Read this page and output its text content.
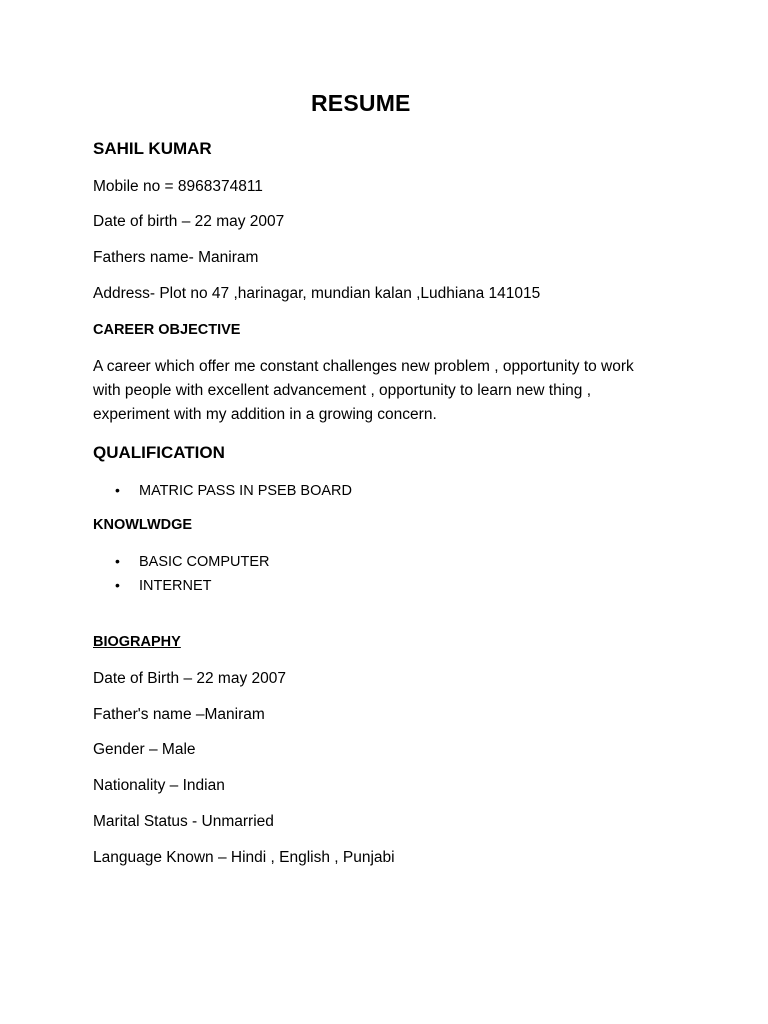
RESUME
SAHIL KUMAR
Mobile no = 8968374811
Date of birth – 22 may 2007
Fathers name- Maniram
Address- Plot no 47 ,harinagar, mundian kalan ,Ludhiana 141015
CAREER OBJECTIVE
A career which offer me constant challenges new problem , opportunity to work with people with excellent advancement , opportunity to learn new thing , experiment with my addition in a growing concern.
QUALIFICATION
• MATRIC PASS IN PSEB BOARD
KNOWLWDGE
• BASIC COMPUTER
• INTERNET
BIOGRAPHY
Date of Birth – 22 may 2007
Father's name –Maniram
Gender – Male
Nationality – Indian
Marital Status - Unmarried
Language Known – Hindi , English , Punjabi
